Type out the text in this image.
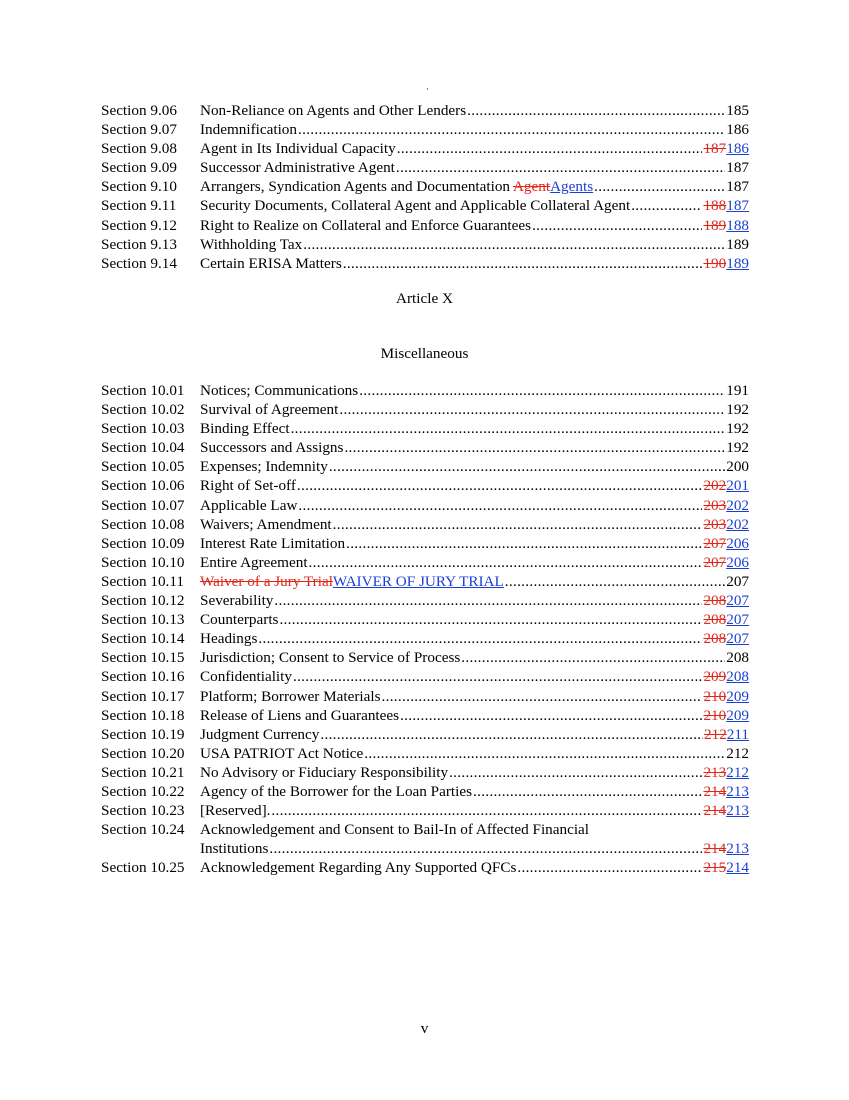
·
Section 9.06	Non-Reliance on Agents and Other Lenders .....	185
Section 9.07	Indemnification .....	186
Section 9.08	Agent in Its Individual Capacity .....	187186
Section 9.09	Successor Administrative Agent .....	187
Section 9.10	Arrangers, Syndication Agents and Documentation AgentAgents .....	187
Section 9.11	Security Documents, Collateral Agent and Applicable Collateral Agent .....	188187
Section 9.12	Right to Realize on Collateral and Enforce Guarantees .....	189188
Section 9.13	Withholding Tax .....	189
Section 9.14	Certain ERISA Matters .....	190189
Article X
Miscellaneous
Section 10.01	Notices; Communications .....	191
Section 10.02	Survival of Agreement .....	192
Section 10.03	Binding Effect .....	192
Section 10.04	Successors and Assigns .....	192
Section 10.05	Expenses; Indemnity .....	200
Section 10.06	Right of Set-off .....	202201
Section 10.07	Applicable Law .....	203202
Section 10.08	Waivers; Amendment .....	203202
Section 10.09	Interest Rate Limitation .....	207206
Section 10.10	Entire Agreement .....	207206
Section 10.11	Waiver of a Jury TrialWAIVER OF JURY TRIAL .....	207
Section 10.12	Severability .....	208207
Section 10.13	Counterparts .....	208207
Section 10.14	Headings .....	208207
Section 10.15	Jurisdiction; Consent to Service of Process .....	208
Section 10.16	Confidentiality .....	209208
Section 10.17	Platform; Borrower Materials .....	210209
Section 10.18	Release of Liens and Guarantees .....	210209
Section 10.19	Judgment Currency .....	212211
Section 10.20	USA PATRIOT Act Notice .....	212
Section 10.21	No Advisory or Fiduciary Responsibility .....	213212
Section 10.22	Agency of the Borrower for the Loan Parties .....	214213
Section 10.23	[Reserved]. .....	214213
Section 10.24	Acknowledgement and Consent to Bail-In of Affected Financial
Institutions .....	214213
Section 10.25	Acknowledgement Regarding Any Supported QFCs .....	215214
v
